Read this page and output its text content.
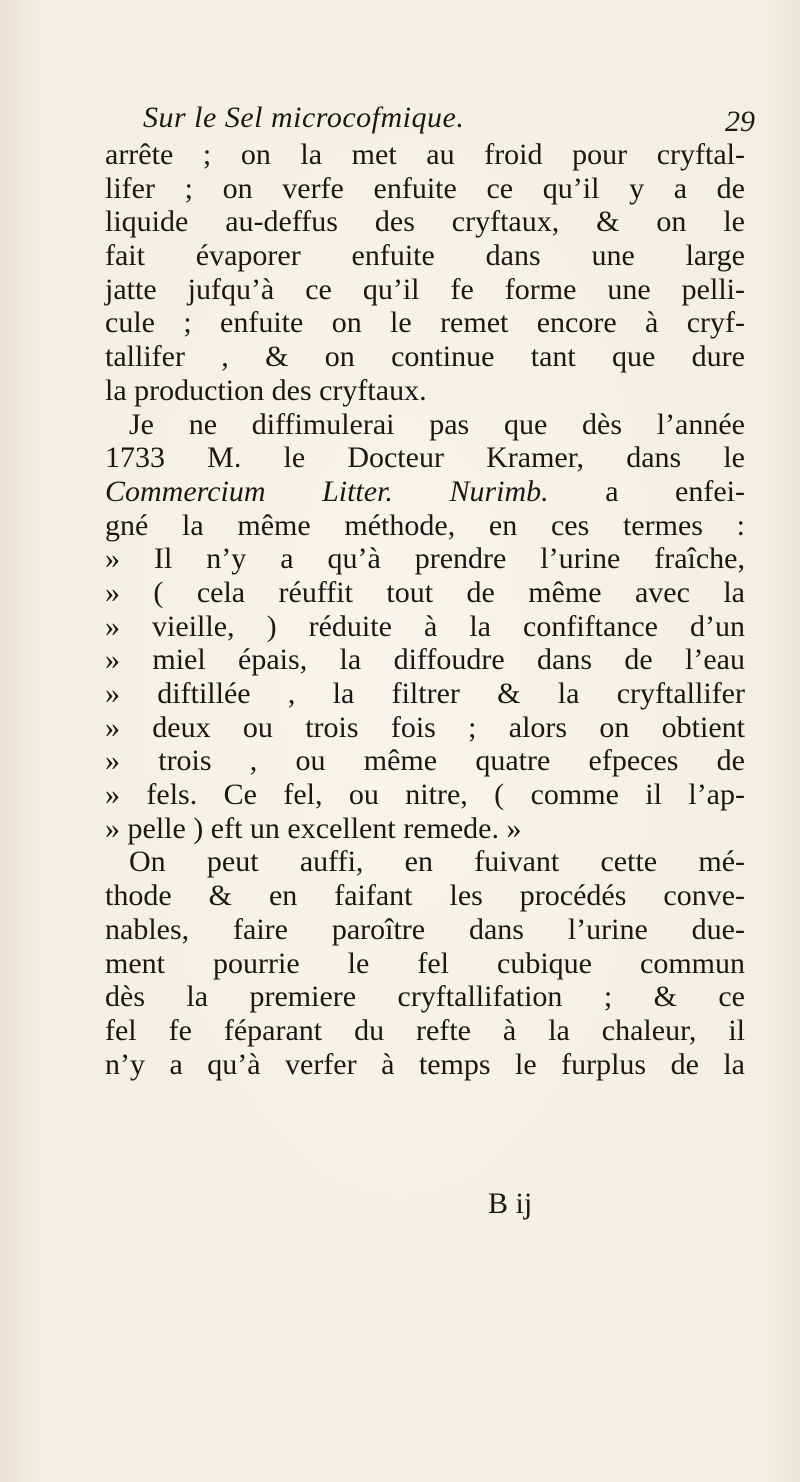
Sur le Sel microcofmique.	29
arrête ; on la met au froid pour cryftal-
lifer ; on verfe enfuite ce qu’il y a de
liquide au-deffus des cryftaux, & on le
fait évaporer enfuite dans une large
jatte jufqu’à ce qu’il fe forme une pelli-
cule ; enfuite on le remet encore à cryf-
tallifer , & on continue tant que dure
la production des cryftaux.
Je ne diffimulerai pas que dès l’année
1733 M. le Docteur Kramer, dans le
Commercium Litter. Nurimb. a enfei-
gné la même méthode, en ces termes :
» Il n’y a qu’à prendre l’urine fraîche,
» ( cela réuffit tout de même avec la
» vieille, ) réduite à la confiftance d’un
» miel épais, la diffoudre dans de l’eau
» diftillée , la filtrer & la cryftallifer
» deux ou trois fois ; alors on obtient
» trois , ou même quatre efpeces de
» fels. Ce fel, ou nitre, ( comme il l’ap-
» pelle ) eft un excellent remede. »
On peut auffi, en fuivant cette mé-
thode & en faifant les procédés conve-
nables, faire paroître dans l’urine due-
ment pourrie le fel cubique commun
dès la premiere cryftallifation ; & ce
fel fe féparant du refte à la chaleur, il
n’y a qu’à verfer à temps le furplus de la
B ij
